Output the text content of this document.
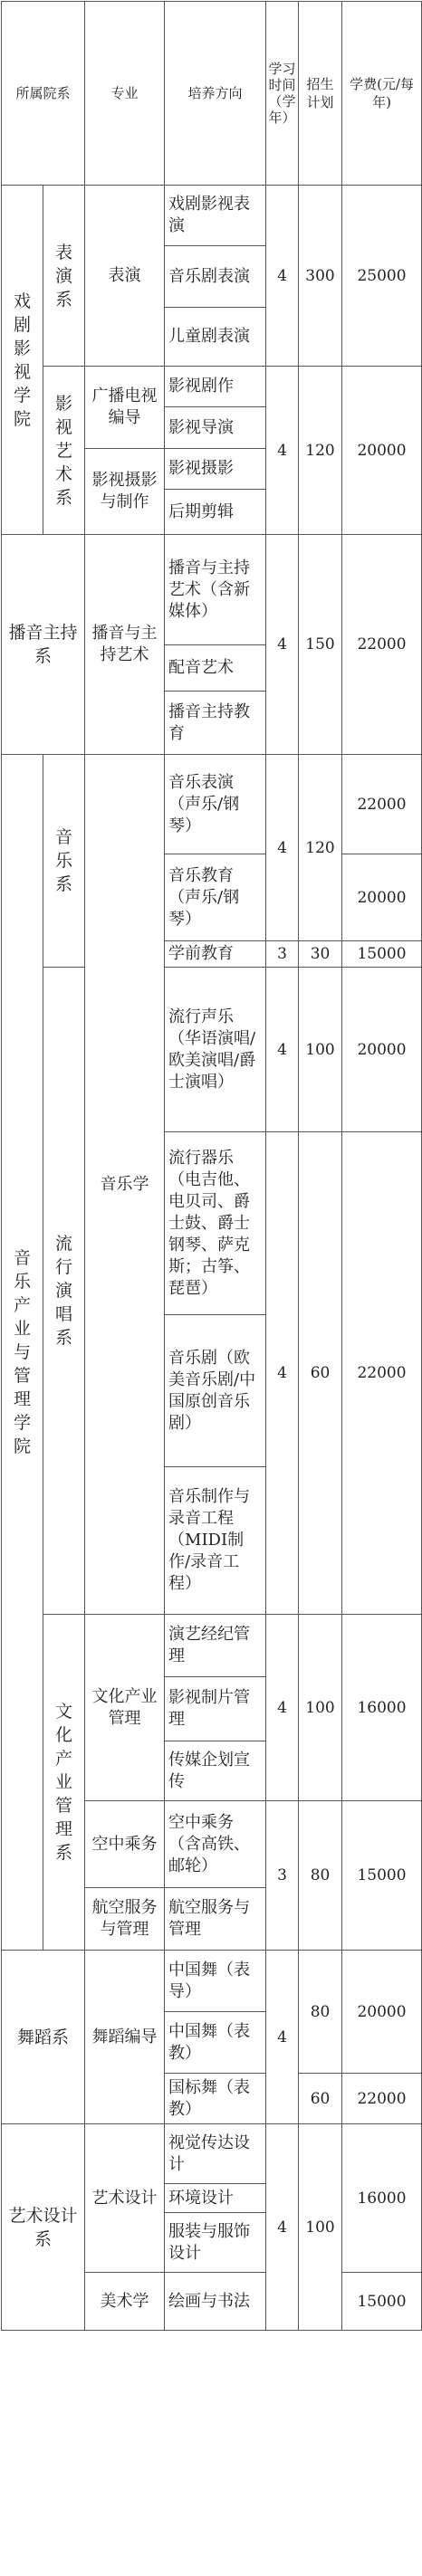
所属院系		专业	培养方向	学习时间（学年）	招生计划	学费(元/每年)
戏剧影视学院	表演系	表演	戏剧影视表演	4	300	25000
			音乐剧表演			
			儿童剧表演			
	影视艺术系	广播电视编导	影视剧作	4	120	20000
			影视导演			
		影视摄影与制作	影视摄影			
			后期剪辑			
播音主持系		播音与主持艺术	播音与主持艺术（含新媒体）	4	150	22000
			配音艺术			
			播音主持教育			
音乐产业与管理学院	音乐系	音乐学	音乐表演（声乐/钢琴）	4	120	22000
			音乐教育（声乐/钢琴）			20000
			学前教育	3	30	15000
	流行演唱系		流行声乐（华语演唱/欧美演唱/爵士演唱）	4	100	20000
			流行器乐（电吉他、电贝司、爵士鼓、爵士钢琴、萨克斯；古筝、琵琶）	4	60	22000
			音乐剧（欧美音乐剧/中国原创音乐剧）			
			音乐制作与录音工程（MIDI制作/录音工程）			
	文化产业管理系	文化产业管理	演艺经纪管理	4	100	16000
			影视制片管理			
			传媒企划宣传			
		空中乘务	空中乘务（含高铁、邮轮）	3	80	15000
		航空服务与管理	航空服务与管理			
舞蹈系		舞蹈编导	中国舞（表导）	4	80	20000
			中国舞（表教）			
			国标舞（表教）		60	22000
艺术设计系		艺术设计	视觉传达设计	4	100	16000
			环境设计			
			服装与服饰设计			
		美术学	绘画与书法			15000
